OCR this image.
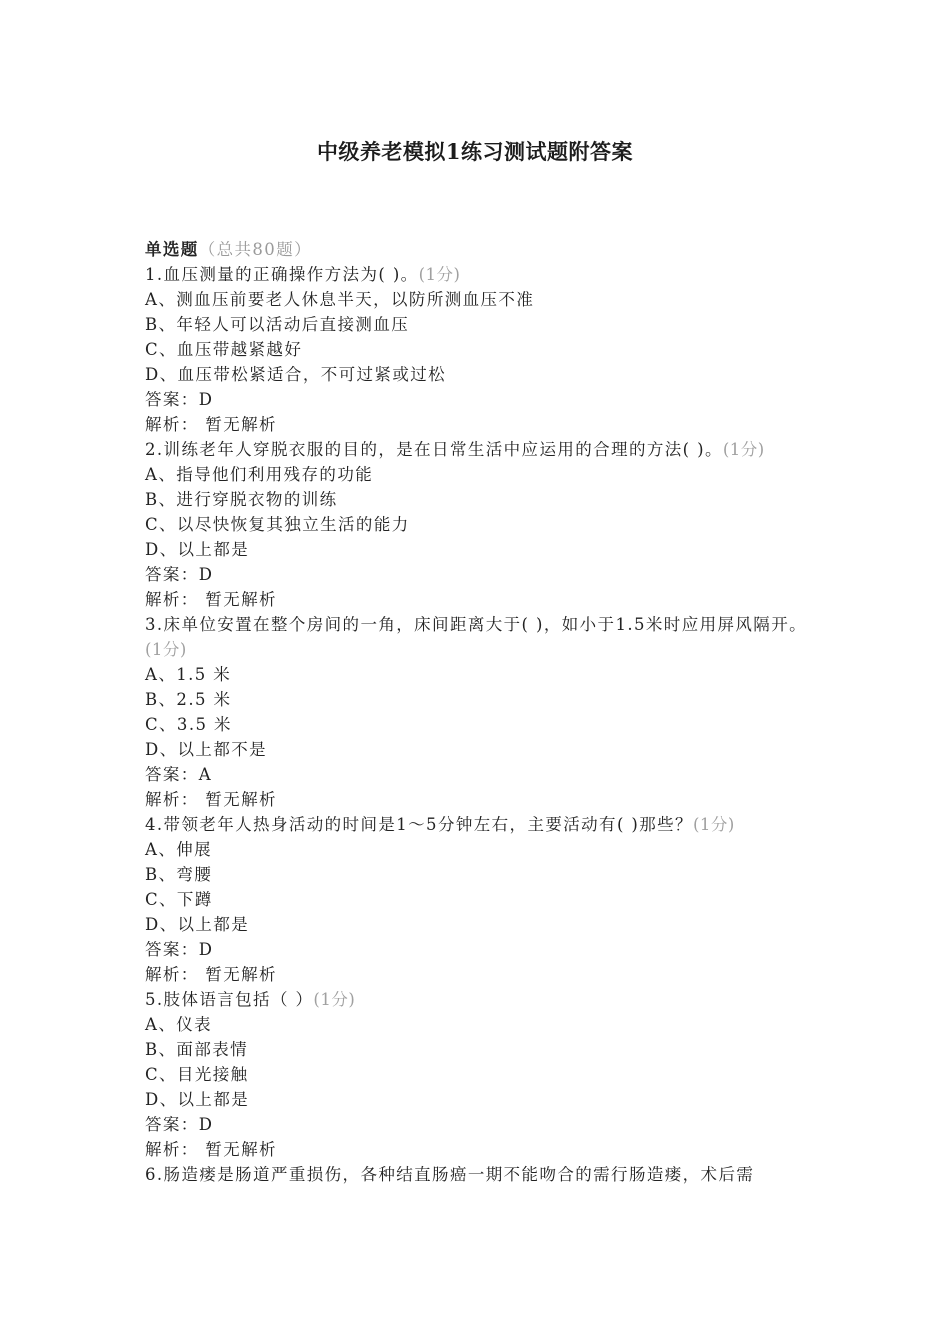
中级养老模拟1练习测试题附答案
单选题（总共80题）
1.血压测量的正确操作方法为( )。(1分)
A、测血压前要老人休息半天，以防所测血压不准
B、年轻人可以活动后直接测血压
C、血压带越紧越好
D、血压带松紧适合，不可过紧或过松
答案：D
解析： 暂无解析
2.训练老年人穿脱衣服的目的，是在日常生活中应运用的合理的方法( )。(1分)
A、指导他们利用残存的功能
B、进行穿脱衣物的训练
C、以尽快恢复其独立生活的能力
D、以上都是
答案：D
解析： 暂无解析
3.床单位安置在整个房间的一角，床间距离大于( )，如小于1.5米时应用屏风隔开。(1分)
A、1.5 米
B、2.5 米
C、3.5 米
D、以上都不是
答案：A
解析： 暂无解析
4.带领老年人热身活动的时间是1～5分钟左右，主要活动有( )那些？(1分)
A、伸展
B、弯腰
C、下蹲
D、以上都是
答案：D
解析： 暂无解析
5.肢体语言包括（ ）(1分)
A、仪表
B、面部表情
C、目光接触
D、以上都是
答案：D
解析： 暂无解析
6.肠造瘘是肠道严重损伤，各种结直肠癌一期不能吻合的需行肠造瘘，术后需
